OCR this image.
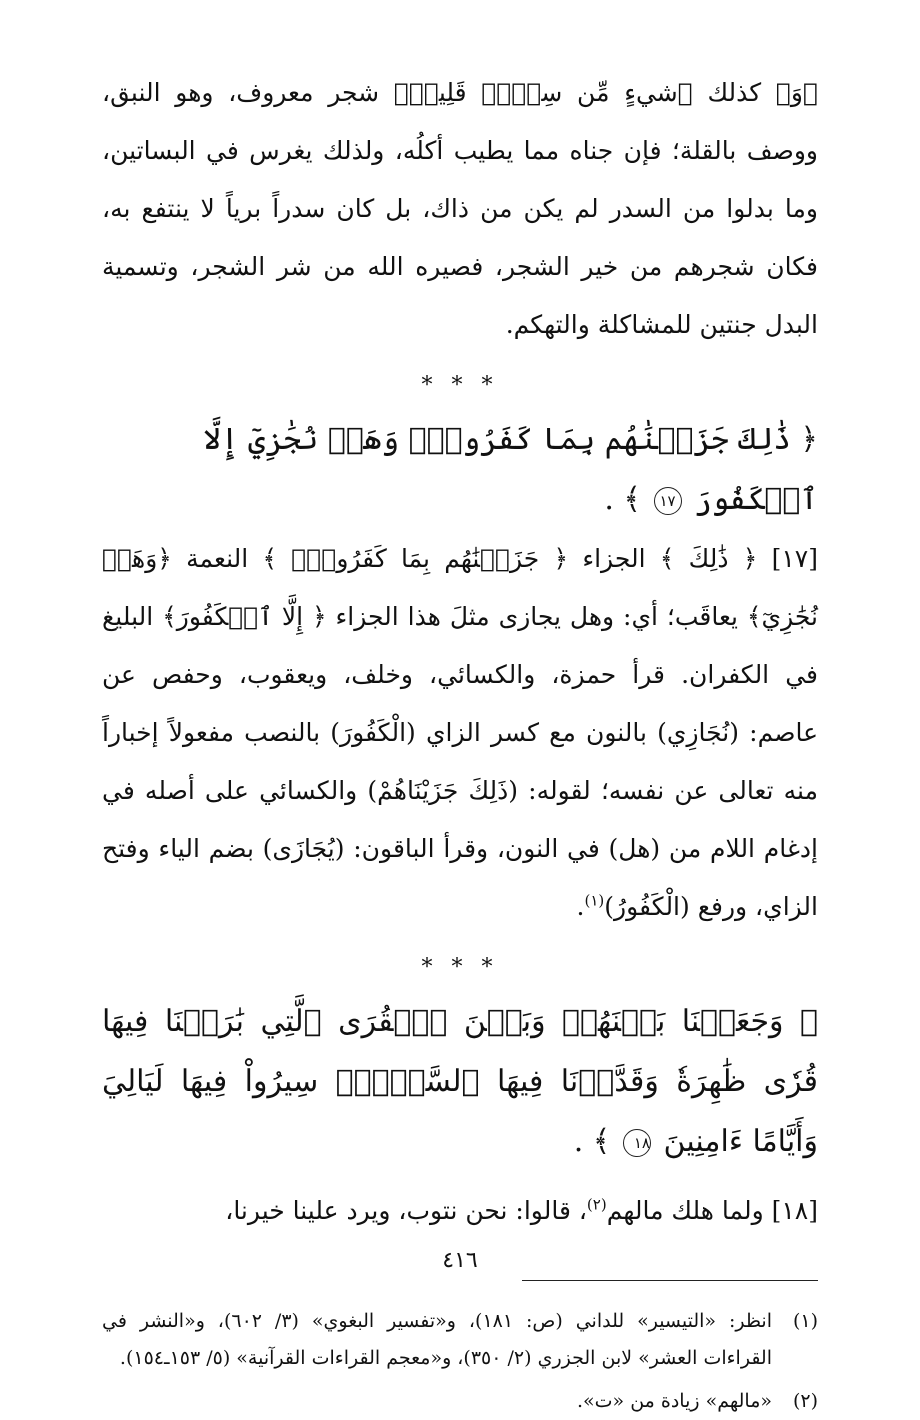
﴿وَ﴾ كذلك ﴿شيءٍ مِّن سِدۡرٖ قَلِيلٖ﴾ شجر معروف، وهو النبق، ووصف بالقلة؛ فإن جناه مما يطيب أكلُه، ولذلك يغرس في البساتين، وما بدلوا من السدر لم يكن من ذاك، بل كان سدراً برياً لا ينتفع به، فكان شجرهم من خير الشجر، فصيره الله من شر الشجر، وتسمية البدل جنتين للمشاكلة والتهكم.

* * *

﴿ ذَٰلِكَ جَزَيۡنَٰهُم بِمَا كَفَرُواْۖ وَهَلۡ نُجَٰزِيٓ إِلَّا ٱلۡكَفُورَ ١٧ ﴾ .

[١٧] ﴿ ذَٰلِكَ ﴾ الجزاء ﴿ جَزَيۡنَٰهُم بِمَا كَفَرُواْۖ ﴾ النعمة ﴿وَهَلۡ نُجَٰزِيٓ﴾ يعاقَب؛ أي: وهل يجازى مثلَ هذا الجزاء ﴿ إِلَّا ٱلۡكَفُورَ﴾ البليغ في الكفران. قرأ حمزة، والكسائي، وخلف، ويعقوب، وحفص عن عاصم: (نُجَازِي) بالنون مع كسر الزاي (الْكَفُورَ) بالنصب مفعولاً إخباراً منه تعالى عن نفسه؛ لقوله: (ذَلِكَ جَزَيْنَاهُمْ) والكسائي على أصله في إدغام اللام من (هل) في النون، وقرأ الباقون: (يُجَازَى) بضم الياء وفتح الزاي، ورفع (الْكَفُورُ)$^{(١)}$.

* * *

﴿ وَجَعَلۡنَا بَيۡنَهُمۡ وَبَيۡنَ ٱلۡقُرَى ٱلَّتِي بَٰرَكۡنَا فِيهَا قُرٗى ظَٰهِرَةٗ وَقَدَّرۡنَا فِيهَا ٱلسَّيۡرَۖ سِيرُواْ فِيهَا لَيَالِيَ وَأَيَّامًا ءَامِنِينَ ١٨ ﴾ .

[١٨] ولما هلك مالهم$^{(٢)}$، قالوا: نحن نتوب، ويرد علينا خيرنا،

(١)
انظر: «التيسير» للداني (ص: ١٨١)، و«تفسير البغوي» (٣/ ٦٠٢)، و«النشر في القراءات العشر» لابن الجزري (٢/ ٣٥٠)، و«معجم القراءات القرآنية» (٥/ ١٥٣ـ١٥٤).
(٢)
«مالهم» زيادة من «ت».
٤١٦
